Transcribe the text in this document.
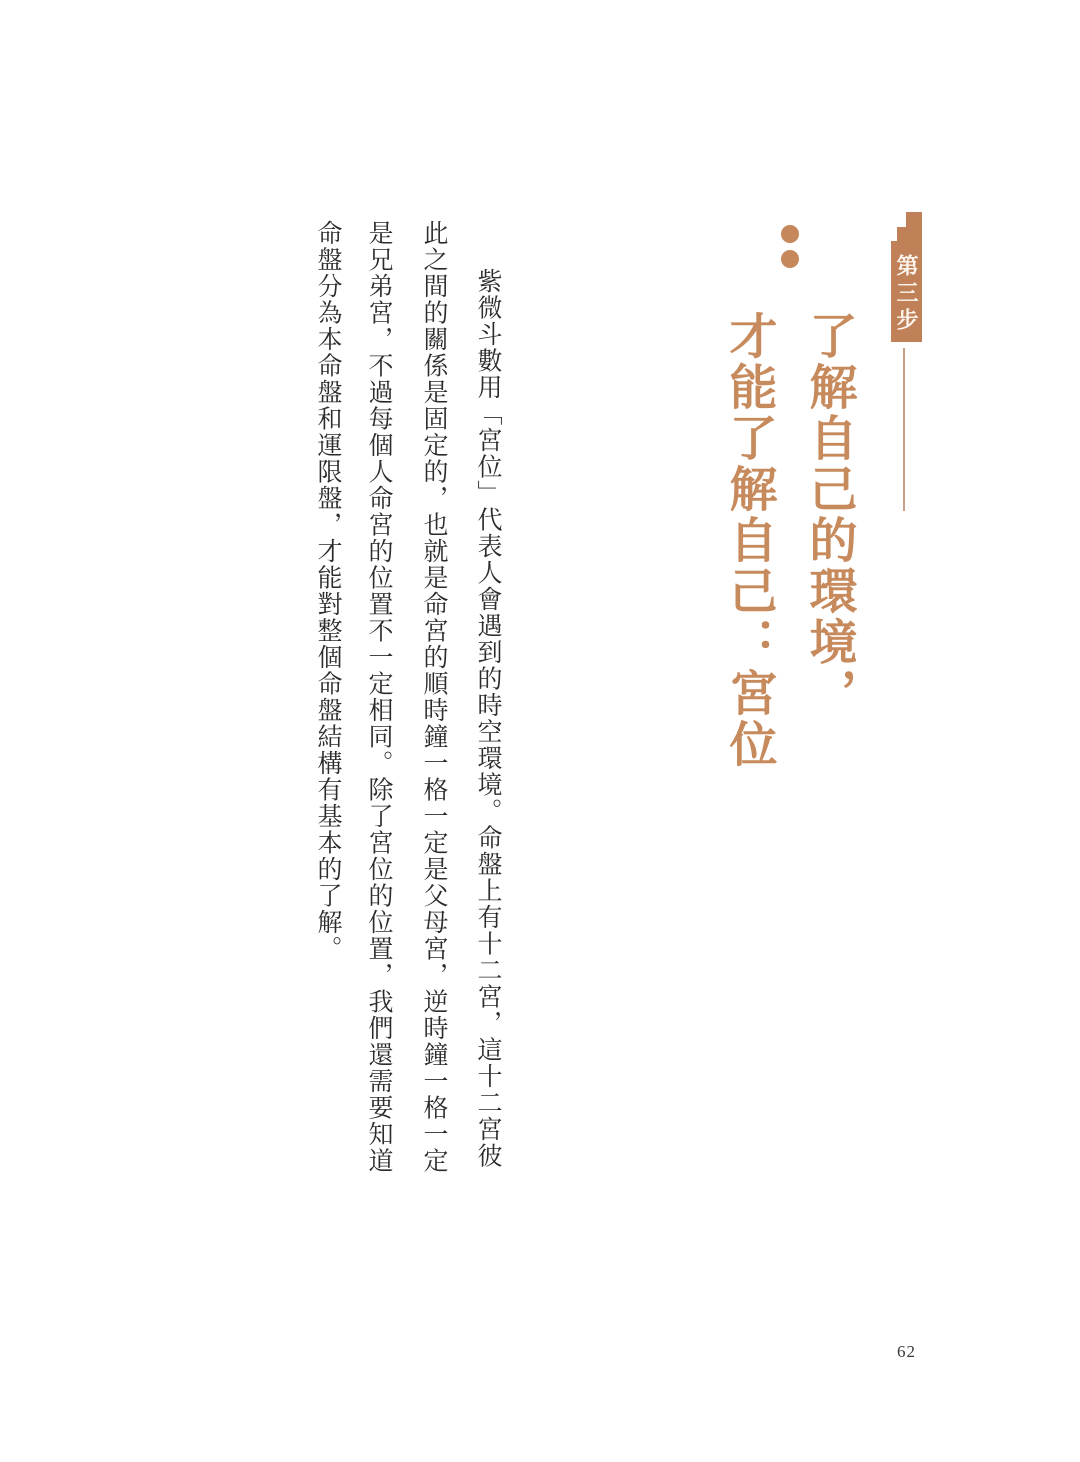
第三步
了解自己的環境，
才能了解自己：宮位
紫微斗數用「宮位」代表人會遇到的時空環境。命盤上有十二宮，這十二宮彼
此之間的關係是固定的，也就是命宮的順時鐘一格一定是父母宮，逆時鐘一格一定
是兄弟宮，不過每個人命宮的位置不一定相同。除了宮位的位置，我們還需要知道
命盤分為本命盤和運限盤，才能對整個命盤結構有基本的了解。
62
